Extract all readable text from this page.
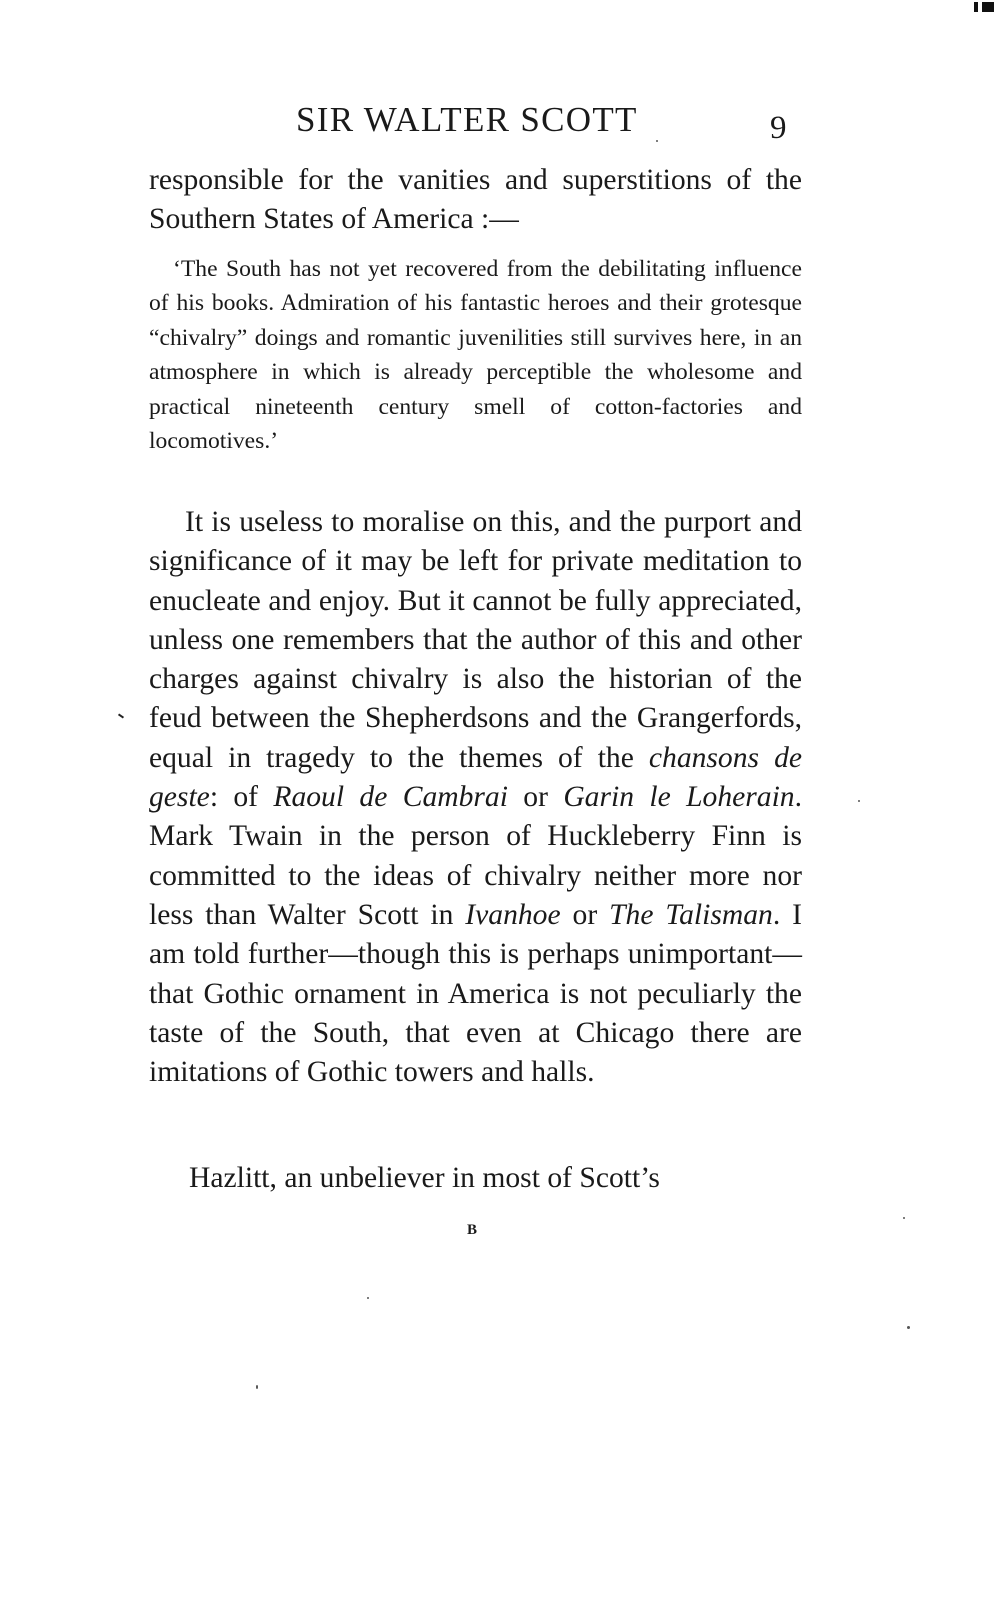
SIR WALTER SCOTT	9

responsible for the vanities and superstitions of the Southern States of America :—

‘The South has not yet recovered from the debilitating influence of his books. Admiration of his fantastic heroes and their grotesque “chivalry” doings and romantic juvenilities still survives here, in an atmosphere in which is already perceptible the wholesome and practical nineteenth century smell of cotton-factories and locomotives.’

It is useless to moralise on this, and the purport and significance of it may be left for private meditation to enucleate and enjoy. But it cannot be fully appreciated, unless one remembers that the author of this and other charges against chivalry is also the historian of the feud between the Shepherdsons and the Grangerfords, equal in tragedy to the themes of the chansons de geste: of Raoul de Cambrai or Garin le Loherain. Mark Twain in the person of Huckleberry Finn is committed to the ideas of chivalry neither more nor less than Walter Scott in Ivanhoe or The Talisman. I am told further—though this is perhaps unimportant—that Gothic ornament in America is not peculiarly the taste of the South, that even at Chicago there are imitations of Gothic towers and halls.

Hazlitt, an unbeliever in most of Scott’s

B
